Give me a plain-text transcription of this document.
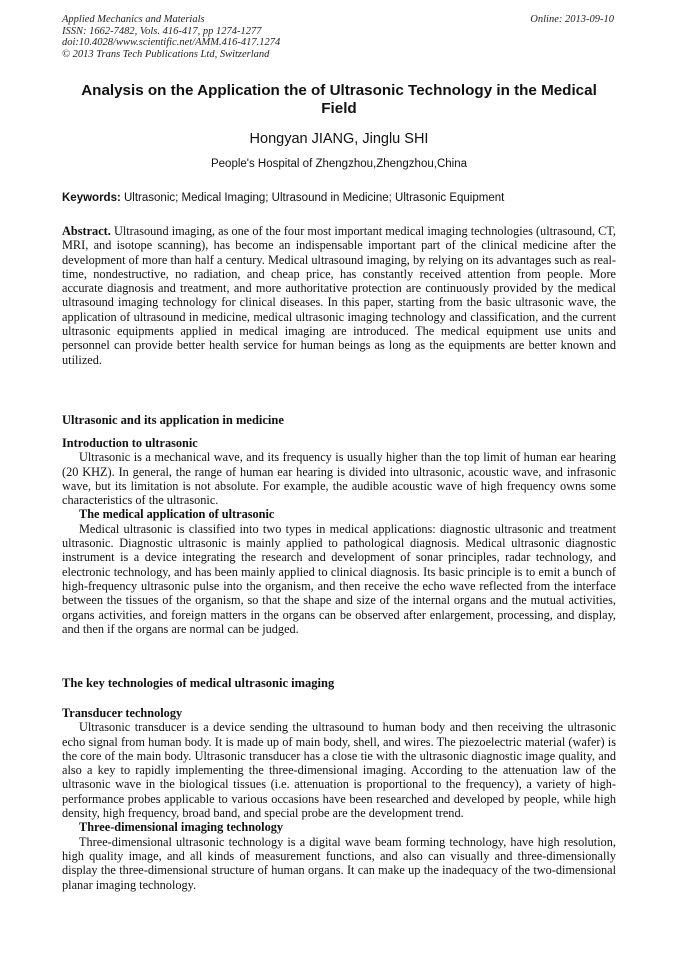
Applied Mechanics and Materials
ISSN: 1662-7482, Vols. 416-417, pp 1274-1277
doi:10.4028/www.scientific.net/AMM.416-417.1274
© 2013 Trans Tech Publications Ltd, Switzerland
Online: 2013-09-10
Analysis on the Application the of Ultrasonic Technology in the Medical Field
Hongyan JIANG, Jinglu SHI
People's Hospital of Zhengzhou,Zhengzhou,China
Keywords: Ultrasonic; Medical Imaging; Ultrasound in Medicine; Ultrasonic Equipment
Abstract. Ultrasound imaging, as one of the four most important medical imaging technologies (ultrasound, CT, MRI, and isotope scanning), has become an indispensable important part of the clinical medicine after the development of more than half a century. Medical ultrasound imaging, by relying on its advantages such as real-time, nondestructive, no radiation, and cheap price, has constantly received attention from people. More accurate diagnosis and treatment, and more authoritative protection are continuously provided by the medical ultrasound imaging technology for clinical diseases. In this paper, starting from the basic ultrasonic wave, the application of ultrasound in medicine, medical ultrasonic imaging technology and classification, and the current ultrasonic equipments applied in medical imaging are introduced. The medical equipment use units and personnel can provide better health service for human beings as long as the equipments are better known and utilized.
Ultrasonic and its application in medicine

Introduction to ultrasonic

Ultrasonic is a mechanical wave, and its frequency is usually higher than the top limit of human ear hearing (20 KHZ). In general, the range of human ear hearing is divided into ultrasonic, acoustic wave, and infrasonic wave, but its limitation is not absolute. For example, the audible acoustic wave of high frequency owns some characteristics of the ultrasonic.

The medical application of ultrasonic

Medical ultrasonic is classified into two types in medical applications: diagnostic ultrasonic and treatment ultrasonic. Diagnostic ultrasonic is mainly applied to pathological diagnosis. Medical ultrasonic diagnostic instrument is a device integrating the research and development of sonar principles, radar technology, and electronic technology, and has been mainly applied to clinical diagnosis. Its basic principle is to emit a bunch of high-frequency ultrasonic pulse into the organism, and then receive the echo wave reflected from the interface between the tissues of the organism, so that the shape and size of the internal organs and the mutual activities, organs activities, and foreign matters in the organs can be observed after enlargement, processing, and display, and then if the organs are normal can be judged.

The key technologies of medical ultrasonic imaging

Transducer technology

Ultrasonic transducer is a device sending the ultrasound to human body and then receiving the ultrasonic echo signal from human body. It is made up of main body, shell, and wires. The piezoelectric material (wafer) is the core of the main body. Ultrasonic transducer has a close tie with the ultrasonic diagnostic image quality, and also a key to rapidly implementing the three-dimensional imaging. According to the attenuation law of the ultrasonic wave in the biological tissues (i.e. attenuation is proportional to the frequency), a variety of high-performance probes applicable to various occasions have been researched and developed by people, while high density, high frequency, broad band, and special probe are the development trend.

Three-dimensional imaging technology

Three-dimensional ultrasonic technology is a digital wave beam forming technology, have high resolution, high quality image, and all kinds of measurement functions, and also can visually and three-dimensionally display the three-dimensional structure of human organs. It can make up the inadequacy of the two-dimensional planar imaging technology.
